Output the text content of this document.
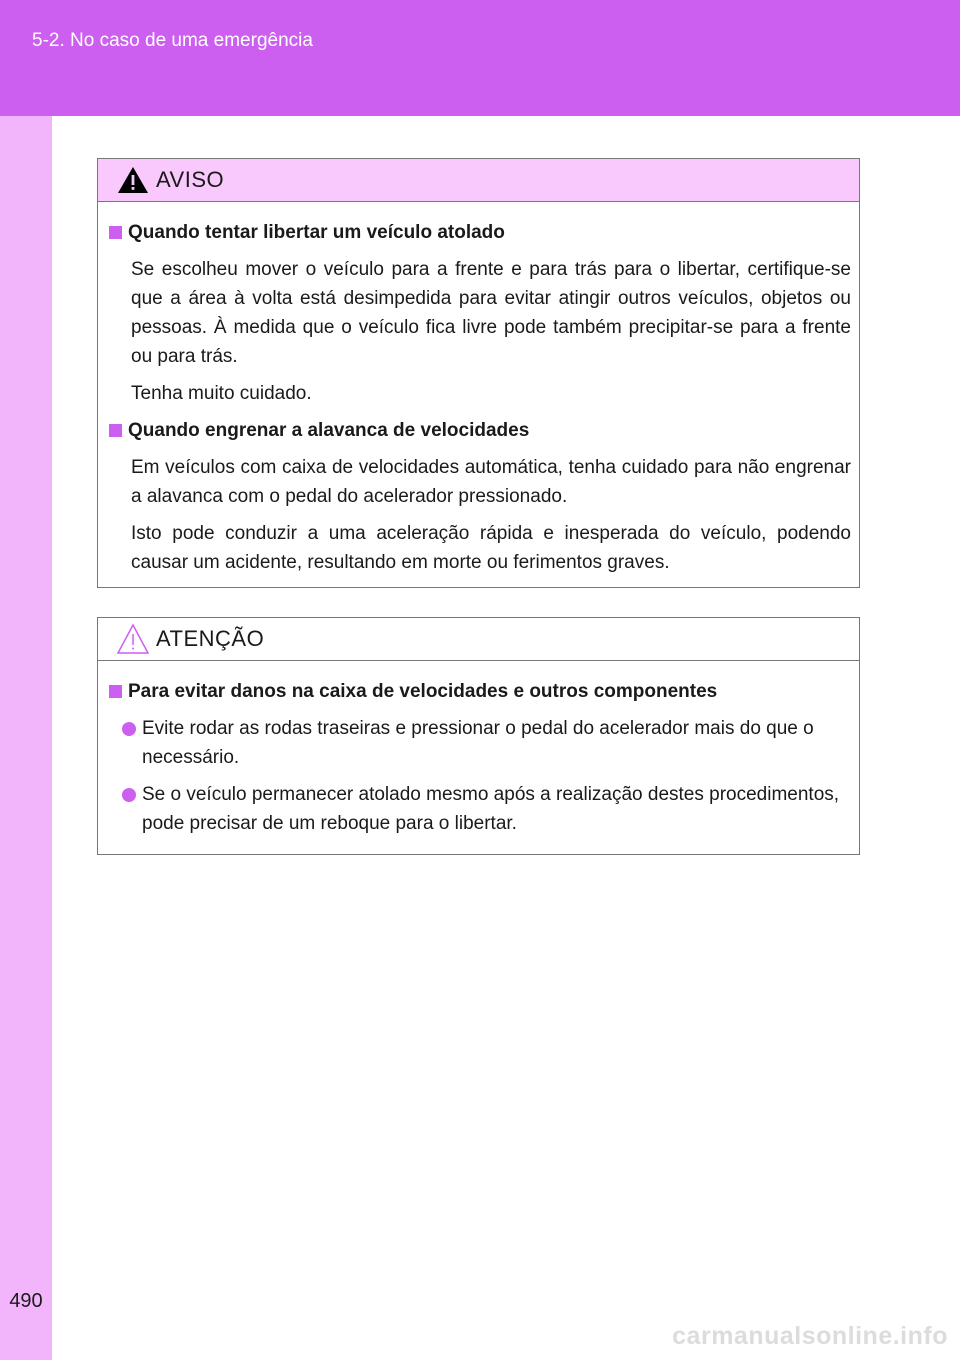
5-2. No caso de uma emergência
490
AVISO
Quando tentar libertar um veículo atolado
Se escolheu mover o veículo para a frente e para trás para o libertar, certifique-se que a área à volta está desimpedida para evitar atingir outros veículos, objetos ou pessoas. À medida que o veículo fica livre pode também precipitar-se para a frente ou para trás.
Tenha muito cuidado.
Quando engrenar a alavanca de velocidades
Em veículos com caixa de velocidades automática, tenha cuidado para não engrenar a alavanca com o pedal do acelerador pressionado.
Isto pode conduzir a uma aceleração rápida e inesperada do veículo, podendo causar um acidente, resultando em morte ou ferimentos graves.
ATENÇÃO
Para evitar danos na caixa de velocidades e outros componentes
Evite rodar as rodas traseiras e pressionar o pedal do acelerador mais do que o necessário.
Se o veículo permanecer atolado mesmo após a realização destes procedimentos, pode precisar de um reboque para o libertar.
carmanualsonline.info
